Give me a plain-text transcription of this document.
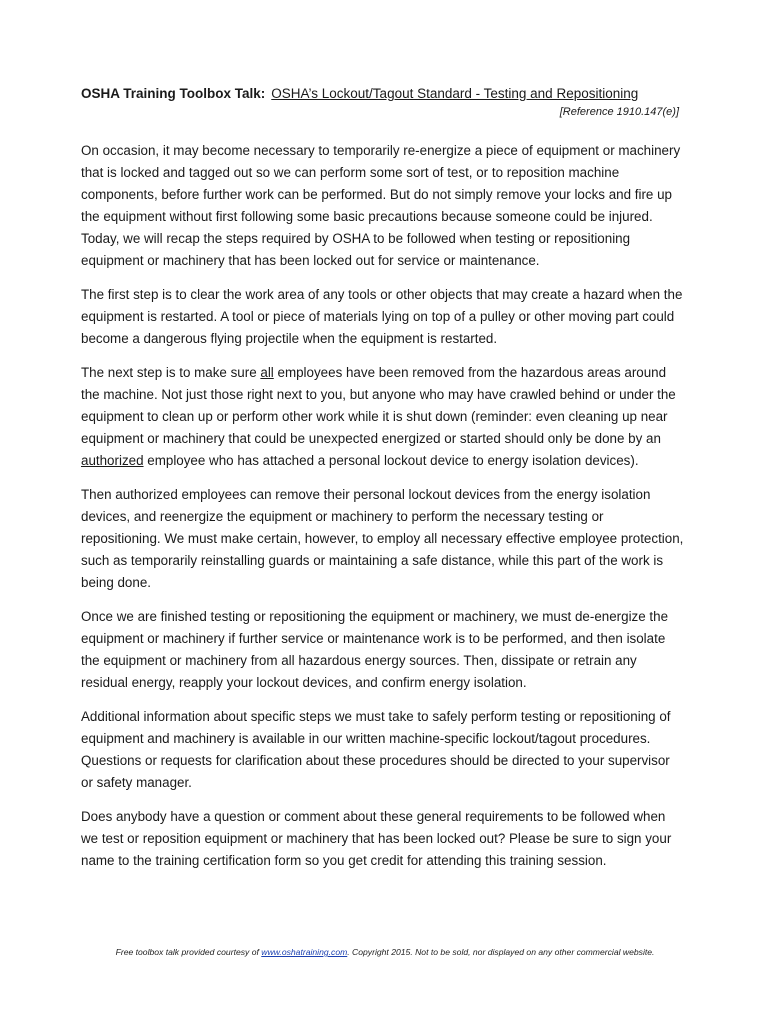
OSHA Training Toolbox Talk: OSHA’s Lockout/Tagout Standard - Testing and Repositioning
[Reference 1910.147(e)]

On occasion, it may become necessary to temporarily re-energize a piece of equipment or machinery that is locked and tagged out so we can perform some sort of test, or to reposition machine components, before further work can be performed. But do not simply remove your locks and fire up the equipment without first following some basic precautions because someone could be injured. Today, we will recap the steps required by OSHA to be followed when testing or repositioning equipment or machinery that has been locked out for service or maintenance.

The first step is to clear the work area of any tools or other objects that may create a hazard when the equipment is restarted. A tool or piece of materials lying on top of a pulley or other moving part could become a dangerous flying projectile when the equipment is restarted.

The next step is to make sure all employees have been removed from the hazardous areas around the machine. Not just those right next to you, but anyone who may have crawled behind or under the equipment to clean up or perform other work while it is shut down (reminder: even cleaning up near equipment or machinery that could be unexpected energized or started should only be done by an authorized employee who has attached a personal lockout device to energy isolation devices).

Then authorized employees can remove their personal lockout devices from the energy isolation devices, and reenergize the equipment or machinery to perform the necessary testing or repositioning. We must make certain, however, to employ all necessary effective employee protection, such as temporarily reinstalling guards or maintaining a safe distance, while this part of the work is being done.

Once we are finished testing or repositioning the equipment or machinery, we must de-energize the equipment or machinery if further service or maintenance work is to be performed, and then isolate the equipment or machinery from all hazardous energy sources. Then, dissipate or retrain any residual energy, reapply your lockout devices, and confirm energy isolation.

Additional information about specific steps we must take to safely perform testing or repositioning of equipment and machinery is available in our written machine-specific lockout/tagout procedures. Questions or requests for clarification about these procedures should be directed to your supervisor or safety manager.

Does anybody have a question or comment about these general requirements to be followed when we test or reposition equipment or machinery that has been locked out? Please be sure to sign your name to the training certification form so you get credit for attending this training session.

Free toolbox talk provided courtesy of www.oshatraining.com. Copyright 2015. Not to be sold, nor displayed on any other commercial website.
